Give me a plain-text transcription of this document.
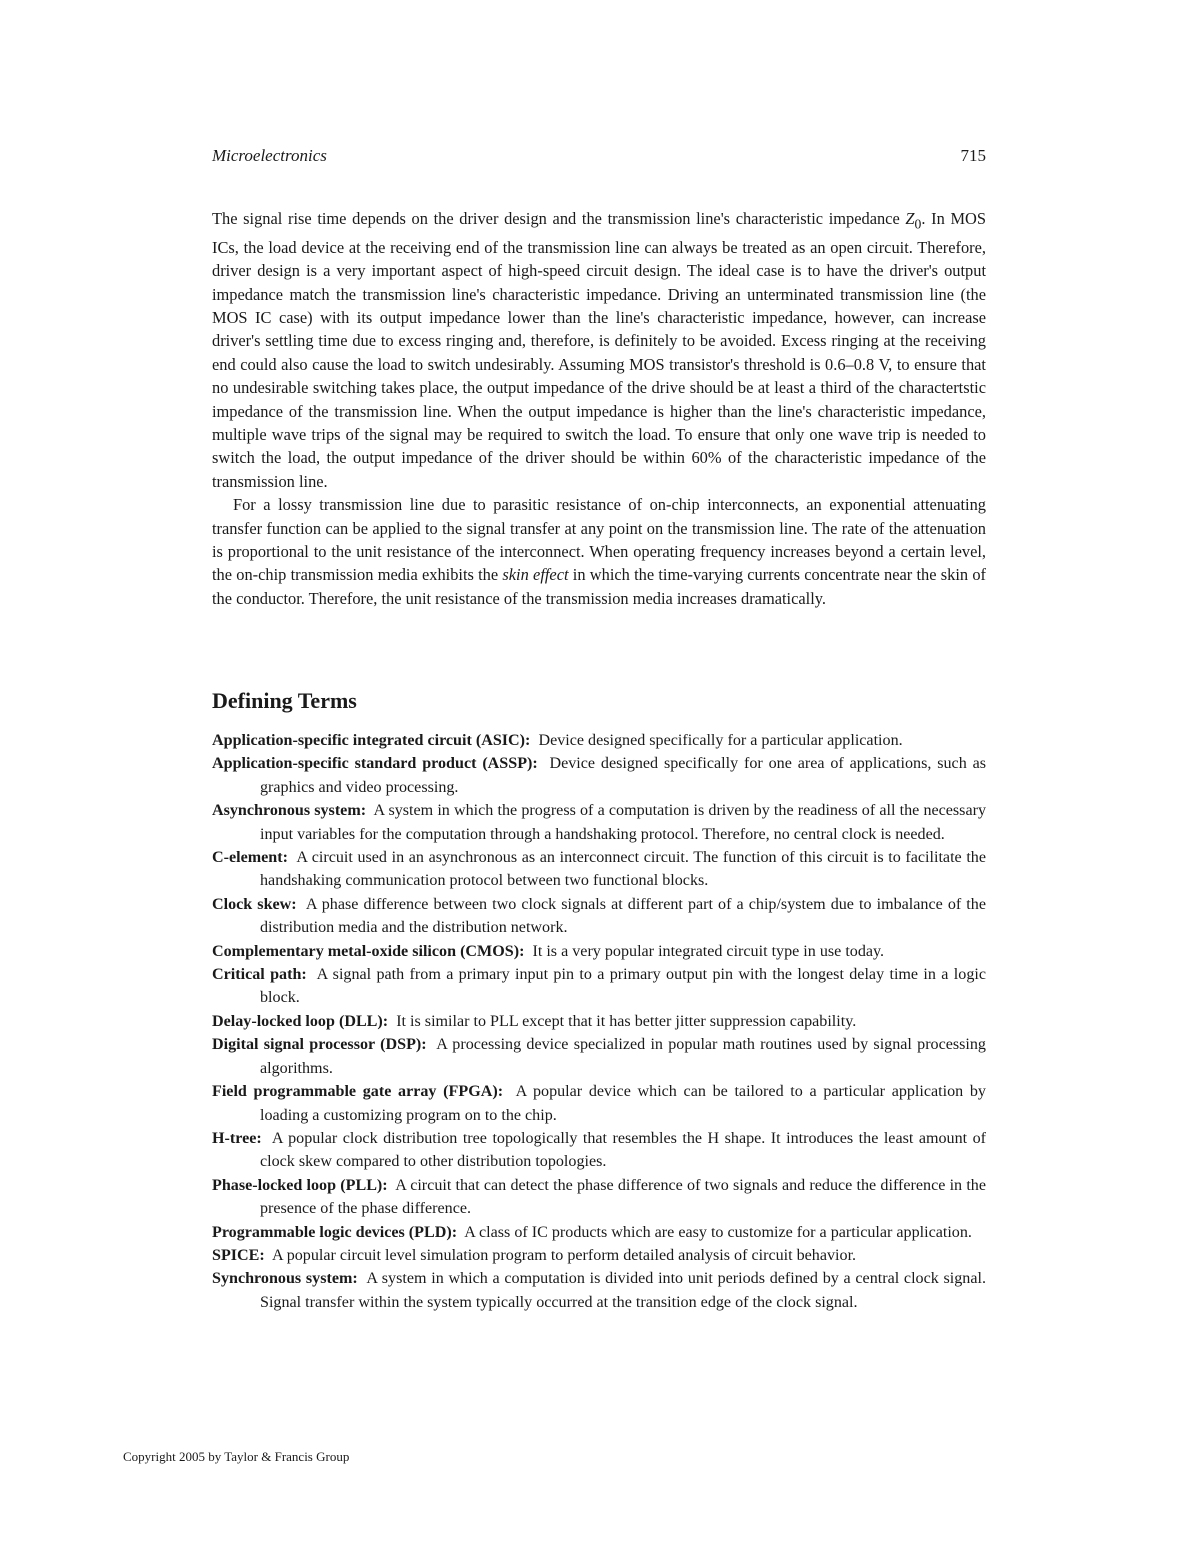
Microelectronics	715

The signal rise time depends on the driver design and the transmission line's characteristic impedance $Z_0$. In MOS ICs, the load device at the receiving end of the transmission line can always be treated as an open circuit. Therefore, driver design is a very important aspect of high-speed circuit design. The ideal case is to have the driver's output impedance match the transmission line's characteristic impedance. Driving an unterminated transmission line (the MOS IC case) with its output impedance lower than the line's characteristic impedance, however, can increase driver's settling time due to excess ringing and, therefore, is definitely to be avoided. Excess ringing at the receiving end could also cause the load to switch undesirably. Assuming MOS transistor's threshold is 0.6–0.8 V, to ensure that no undesirable switching takes place, the output impedance of the drive should be at least a third of the charactertstic impedance of the transmission line. When the output impedance is higher than the line's characteristic impedance, multiple wave trips of the signal may be required to switch the load. To ensure that only one wave trip is needed to switch the load, the output impedance of the driver should be within 60% of the characteristic impedance of the transmission line.

For a lossy transmission line due to parasitic resistance of on-chip interconnects, an exponential attenuating transfer function can be applied to the signal transfer at any point on the transmission line. The rate of the attenuation is proportional to the unit resistance of the interconnect. When operating frequency increases beyond a certain level, the on-chip transmission media exhibits the skin effect in which the time-varying currents concentrate near the skin of the conductor. Therefore, the unit resistance of the transmission media increases dramatically.

Defining Terms

Application-specific integrated circuit (ASIC): Device designed specifically for a particular application.

Application-specific standard product (ASSP): Device designed specifically for one area of applications, such as graphics and video processing.

Asynchronous system: A system in which the progress of a computation is driven by the readiness of all the necessary input variables for the computation through a handshaking protocol. Therefore, no central clock is needed.

C-element: A circuit used in an asynchronous as an interconnect circuit. The function of this circuit is to facilitate the handshaking communication protocol between two functional blocks.

Clock skew: A phase difference between two clock signals at different part of a chip/system due to imbalance of the distribution media and the distribution network.

Complementary metal-oxide silicon (CMOS): It is a very popular integrated circuit type in use today.

Critical path: A signal path from a primary input pin to a primary output pin with the longest delay time in a logic block.

Delay-locked loop (DLL): It is similar to PLL except that it has better jitter suppression capability.

Digital signal processor (DSP): A processing device specialized in popular math routines used by signal processing algorithms.

Field programmable gate array (FPGA): A popular device which can be tailored to a particular application by loading a customizing program on to the chip.

H-tree: A popular clock distribution tree topologically that resembles the H shape. It introduces the least amount of clock skew compared to other distribution topologies.

Phase-locked loop (PLL): A circuit that can detect the phase difference of two signals and reduce the difference in the presence of the phase difference.

Programmable logic devices (PLD): A class of IC products which are easy to customize for a particular application.

SPICE: A popular circuit level simulation program to perform detailed analysis of circuit behavior.

Synchronous system: A system in which a computation is divided into unit periods defined by a central clock signal. Signal transfer within the system typically occurred at the transition edge of the clock signal.

Copyright 2005 by Taylor & Francis Group
